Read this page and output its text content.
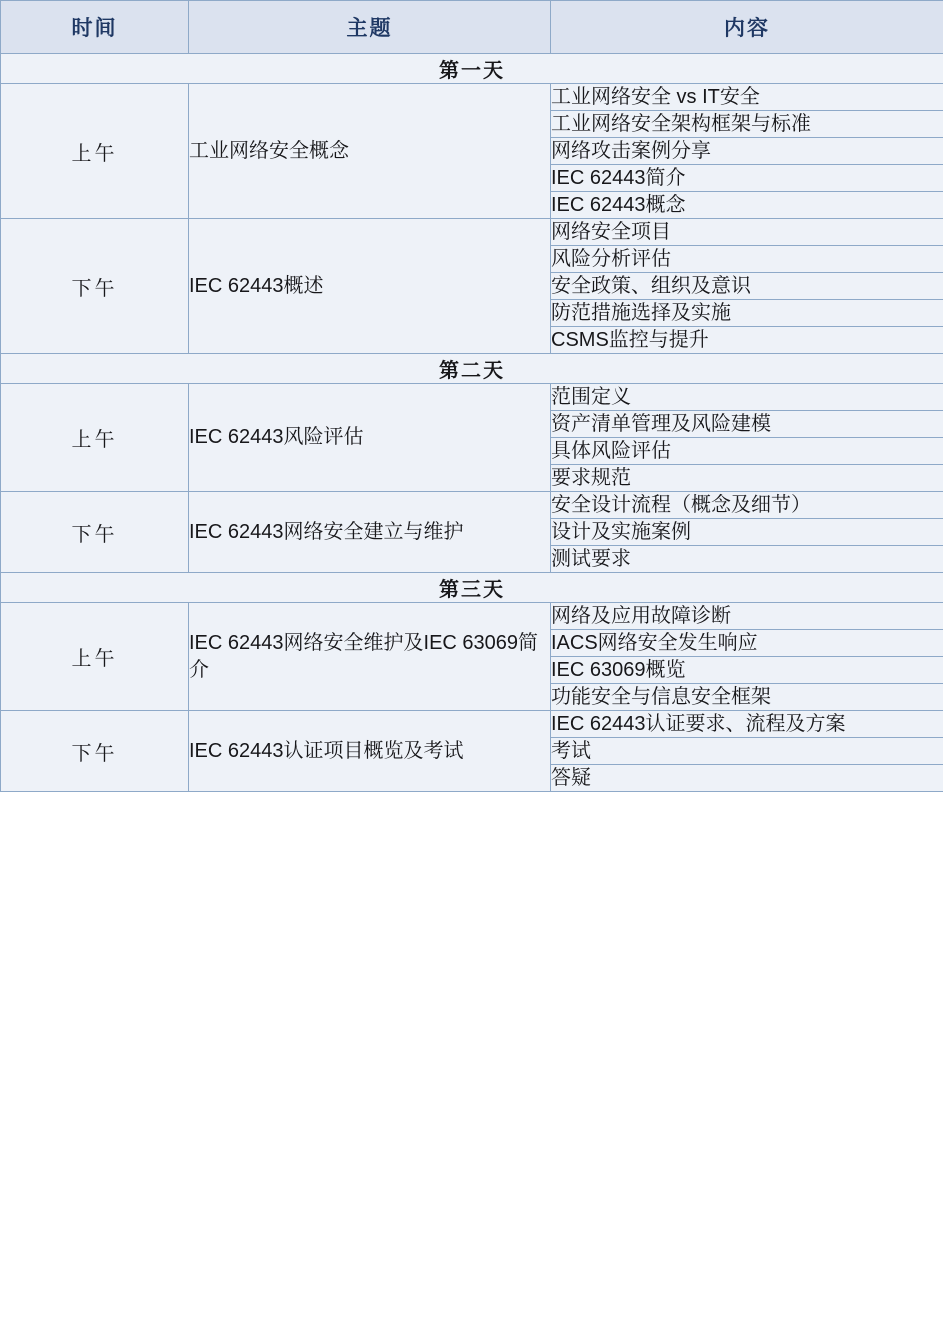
时间	主题	内容
第一天		
上午	工业网络安全概念	工业网络安全 vs IT安全
		工业网络安全架构框架与标准
		网络攻击案例分享
		IEC 62443简介
		IEC 62443概念
下午	IEC 62443概述	网络安全项目
		风险分析评估
		安全政策、组织及意识
		防范措施选择及实施
		CSMS监控与提升
第二天		
上午	IEC 62443风险评估	范围定义
		资产清单管理及风险建模
		具体风险评估
		要求规范
下午	IEC 62443网络安全建立与维护	安全设计流程（概念及细节）
		设计及实施案例
		测试要求
第三天		
上午	IEC 62443网络安全维护及IEC 63069简介	网络及应用故障诊断
		IACS网络安全发生响应
		IEC 63069概览
		功能安全与信息安全框架
下午	IEC 62443认证项目概览及考试	IEC 62443认证要求、流程及方案
		考试
		答疑
